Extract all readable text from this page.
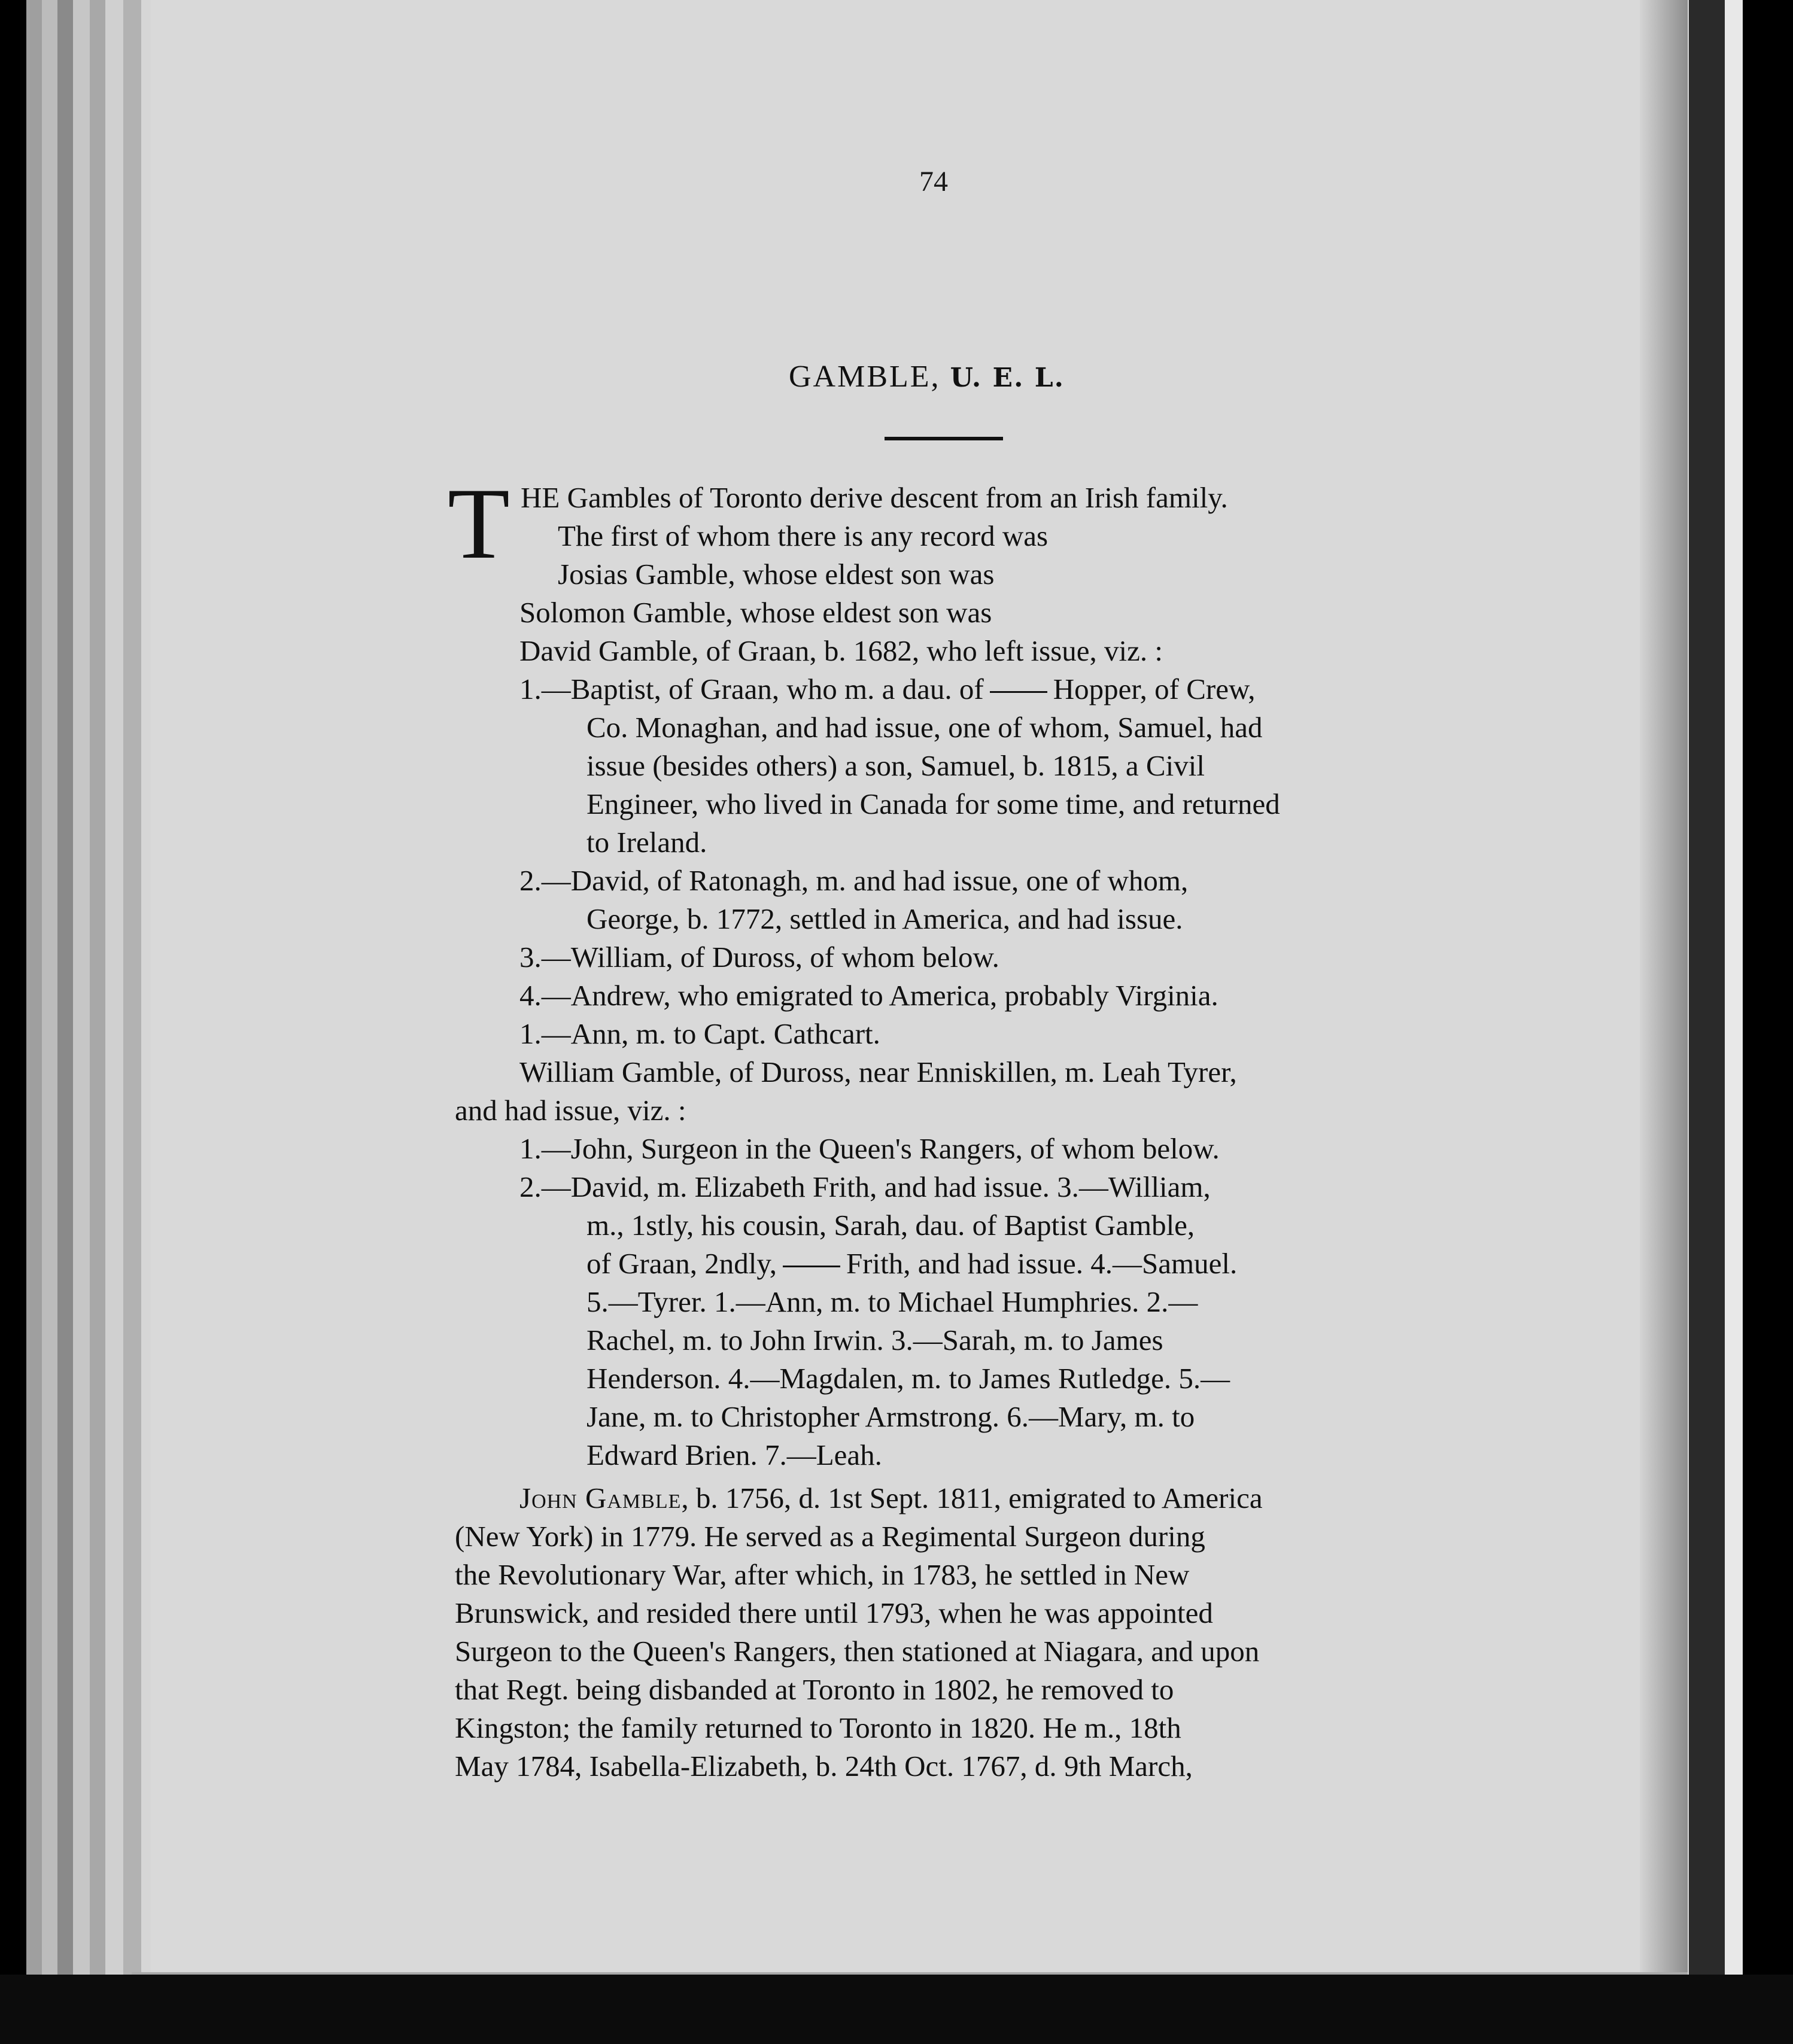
74
GAMBLE, U. E. L.
T HE Gambles of Toronto derive descent from an Irish family.
The first of whom there is any record was
Josias Gamble, whose eldest son was
Solomon Gamble, whose eldest son was
David Gamble, of Graan, b. 1682, who left issue, viz. :
1.—Baptist, of Graan, who m. a dau. of Hopper, of Crew,
Co. Monaghan, and had issue, one of whom, Samuel, had
issue (besides others) a son, Samuel, b. 1815, a Civil
Engineer, who lived in Canada for some time, and returned
to Ireland.
2.—David, of Ratonagh, m. and had issue, one of whom,
George, b. 1772, settled in America, and had issue.
3.—William, of Duross, of whom below.
4.—Andrew, who emigrated to America, probably Virginia.
1.—Ann, m. to Capt. Cathcart.
William Gamble, of Duross, near Enniskillen, m. Leah Tyrer,
and had issue, viz. :
1.—John, Surgeon in the Queen's Rangers, of whom below.
2.—David, m. Elizabeth Frith, and had issue. 3.—William,
m., 1stly, his cousin, Sarah, dau. of Baptist Gamble,
of Graan, 2ndly, Frith, and had issue. 4.—Samuel.
5.—Tyrer. 1.—Ann, m. to Michael Humphries. 2.—
Rachel, m. to John Irwin. 3.—Sarah, m. to James
Henderson. 4.—Magdalen, m. to James Rutledge. 5.—
Jane, m. to Christopher Armstrong. 6.—Mary, m. to
Edward Brien. 7.—Leah.
John Gamble, b. 1756, d. 1st Sept. 1811, emigrated to America
(New York) in 1779. He served as a Regimental Surgeon during
the Revolutionary War, after which, in 1783, he settled in New
Brunswick, and resided there until 1793, when he was appointed
Surgeon to the Queen's Rangers, then stationed at Niagara, and upon
that Regt. being disbanded at Toronto in 1802, he removed to
Kingston; the family returned to Toronto in 1820. He m., 18th
May 1784, Isabella-Elizabeth, b. 24th Oct. 1767, d. 9th March,
